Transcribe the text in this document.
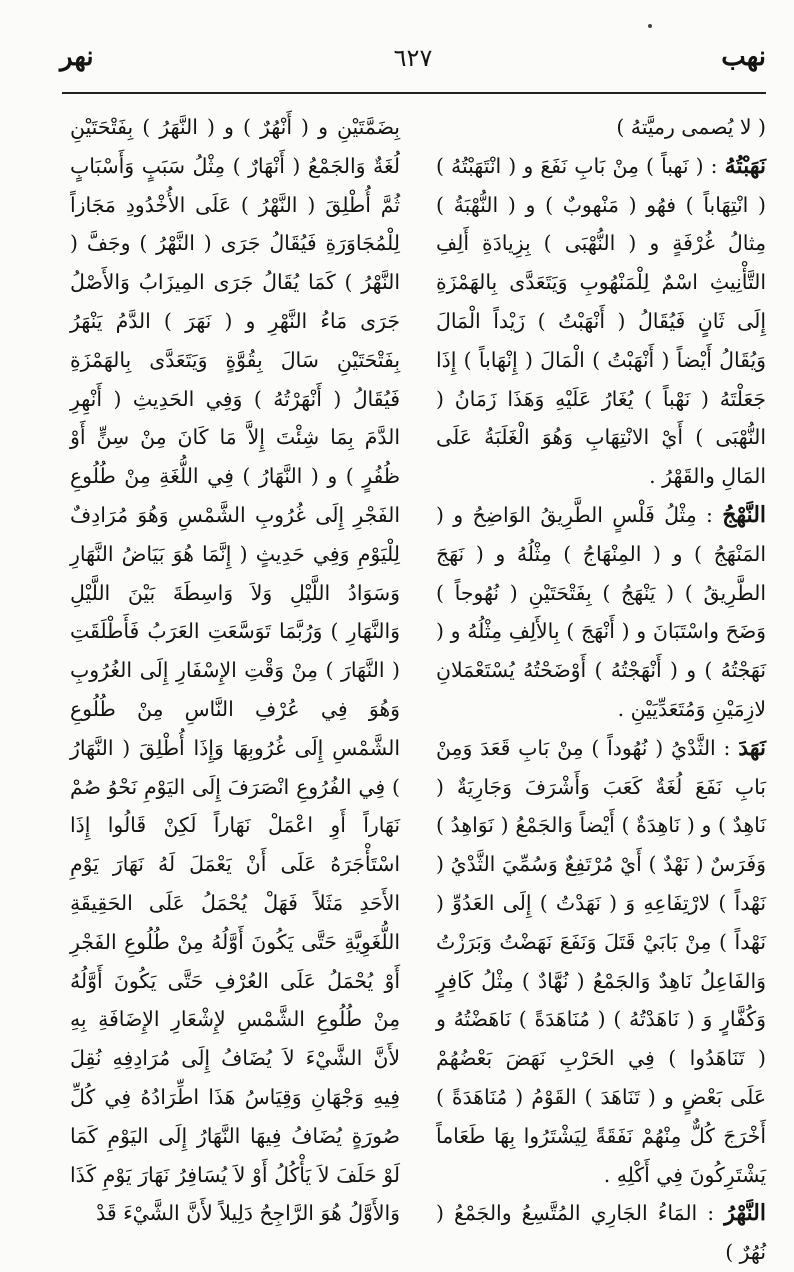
نهب
٦٢٧
نهر

( لا يُصمى رميَّتهُ )

نَهَبْتُهُ : ( نَهباً ) مِنْ بَابِ نَفَعَ و ( انْتَهَبْتُهُ ) ( انْتِهَاباً ) فهُو ( مَنْهوبٌ ) و ( النُّهْبَةُ ) مِثالُ غُرْفَةٍ و ( النُّهْبَى ) بِزِيادَةِ أَلِفِ التَّأْنِيثِ اسْمٌ لِلْمَنْهُوبِ وَيَتَعَدَّى بِالهَمْزَةِ إِلَى ثَانٍ فَيُقَالُ ( أَنْهَبْتُ ) زَيْداً الْمَالَ وَيُقَالُ أَيْضاً ( أَنْهَبْتُ ) الْمَالَ ( إِنْهَاباً ) إِذَا جَعَلْتَهُ ( نَهْباً ) يُغَارُ عَلَيْهِ وَهَذَا زَمَانُ ( النُّهْبَى ) أَيْ الانْتِهَابِ وَهُوَ الْغَلَبَةُ عَلَى المَالِ والقَهْرُ .

النَّهْجُ : مِثْلُ فَلْسٍ الطَّرِيقُ الوَاضِحُ و ( المَنْهَجُ ) و ( المِنْهَاجُ ) مِثْلُهُ و ( نَهَجَ الطَّرِيقُ ) ( يَنْهَجُ ) بِفَتْحَتَيْنِ ( نُهُوجاً ) وَضَحَ واسْتَبَانَ و ( أَنْهَجَ ) بِالأَلِفِ مِثْلُهُ و ( نَهَجْتُهُ ) و ( أَنْهَجْتُهُ ) أَوْضَحْتُهُ يُسْتَعْمَلانِ لازِمَيْنِ وَمُتَعَدِّيَيْنِ .

نَهَدَ : الثَّدْيُ ( نُهُوداً ) مِنْ بَابِ قَعَدَ وَمِنْ بَابِ نَفَعَ لُغَةٌ كَعَبَ وَأَشْرَفَ وَجَارِيَةٌ ( نَاهِدٌ ) و ( نَاهِدَةٌ ) أَيْضاً وَالجَمْعُ ( نَوَاهِدُ ) وَفَرَسٌ ( نَهْدٌ ) أَيْ مُرْتَفِعٌ وَسُمِّيَ الثَّدْيُ ( نَهْداً ) لارْتِفَاعِهِ وَ ( نَهَدْتُ ) إِلَى العَدُوِّ ( نَهْداً ) مِنْ بَابَيْ قَتَلَ وَنَفَعَ نَهَضْتُ وَبَرَزْتُ وَالفَاعِلُ نَاهِدٌ وَالجَمْعُ ( نُهَّادٌ ) مِثْلُ كَافِرٍ وَكُفَّارٍ وَ ( نَاهَدْتُهُ ) ( مُنَاهَدَةً ) نَاهَضْتُهُ و ( تَنَاهَدُوا ) فِي الحَرْبِ نَهَضَ بَعْضُهُمْ عَلَى بَعْضٍ و ( تَنَاهَدَ ) القَوْمُ ( مُنَاهَدَةً ) أَخْرَجَ كُلٌّ مِنْهُمْ نَفَقَةً لِيَشْتَرُوا بِهَا طَعَاماً يَشْتَرِكُونَ فِي أَكْلِهِ .

النَّهْرُ : المَاءُ الجَارِي المُتَّسِعُ والجَمْعُ ( نُهُرٌ )

بِضَمَّتَيْنِ و ( أَنْهُرٌ ) و ( النَّهَرُ ) بِفَتْحَتَيْنِ لُغَةٌ وَالجَمْعُ ( أَنْهَارٌ ) مِثْلُ سَبَبٍ وَأَسْبَابٍ ثُمَّ أُطْلِقَ ( النَّهْرُ ) عَلَى الأُخْدُودِ مَجَازاً لِلْمُجَاوَرَةِ فَيُقَالُ جَرَى ( النَّهْرُ ) وجَفَّ ( النَّهْرُ ) كَمَا يُقَالُ جَرَى المِيزَابُ وَالأَصْلُ جَرَى مَاءُ النَّهْرِ و ( نَهَرَ ) الدَّمُ يَنْهَرُ بِفَتْحَتَيْنِ سَالَ بِقُوَّةٍ وَيَتَعَدَّى بِالهَمْزَةِ فَيُقَالُ ( أَنْهَرْتُهُ ) وَفِي الحَدِيثِ ( أَنْهِرِ الدَّمَ بِمَا شِئْتَ إِلاَّ مَا كَانَ مِنْ سِنٍّ أَوْ ظُفُرٍ ) و ( النَّهَارُ ) فِي اللُّغَةِ مِنْ طُلُوعِ الفَجْرِ إِلَى غُرُوبِ الشَّمْسِ وَهُوَ مُرَادِفٌ لِلْيَوْمِ وَفِي حَدِيثٍ ( إِنَّمَا هُوَ بَيَاضُ النَّهَارِ وَسَوَادُ اللَّيْلِ وَلاَ وَاسِطَةَ بَيْنَ اللَّيْلِ وَالنَّهَارِ ) وَرُبَّمَا تَوَسَّعَتِ العَرَبُ فَأَطْلَقَتِ ( النَّهَارَ ) مِنْ وَقْتِ الإِسْفَارِ إِلَى الغُرُوبِ وَهُوَ فِي عُرْفِ النَّاسِ مِنْ طُلُوعِ الشَّمْسِ إِلَى غُرُوبِهَا وَإِذَا أُطْلِقَ ( النَّهَارُ ) فِي الفُرُوعِ انْصَرَفَ إِلَى اليَوْمِ نَحْوُ صُمْ نَهَاراً أَوِ اعْمَلْ نَهَاراً لَكِنْ قَالُوا إِذَا اسْتَأْجَرَهُ عَلَى أَنْ يَعْمَلَ لَهُ نَهَارَ يَوْمِ الأَحَدِ مَثَلاً فَهَلْ يُحْمَلُ عَلَى الحَقِيقَةِ اللُّغَوِيَّةِ حَتَّى يَكُونَ أَوَّلُهُ مِنْ طُلُوعِ الفَجْرِ أَوْ يُحْمَلُ عَلَى العُرْفِ حَتَّى يَكُونَ أَوَّلُهُ مِنْ طُلُوعِ الشَّمْسِ لإِشْعَارِ الإِضَافَةِ بِهِ لأَنَّ الشَّيْءَ لاَ يُضَافُ إِلَى مُرَادِفِهِ نُقِلَ فِيهِ وَجْهَانِ وَقِيَاسُ هَذَا اطِّرَادُهُ فِي كُلِّ صُورَةٍ يُضَافُ فِيهَا النَّهَارُ إِلَى اليَوْمِ كَمَا لَوْ حَلَفَ لاَ يَأْكُلُ أَوْ لاَ يُسَافِرُ نَهَارَ يَوْمِ كَذَا وَالأَوَّلُ هُوَ الرَّاجِحُ دَلِيلاً لأَنَّ الشَّيْءَ قَدْ
